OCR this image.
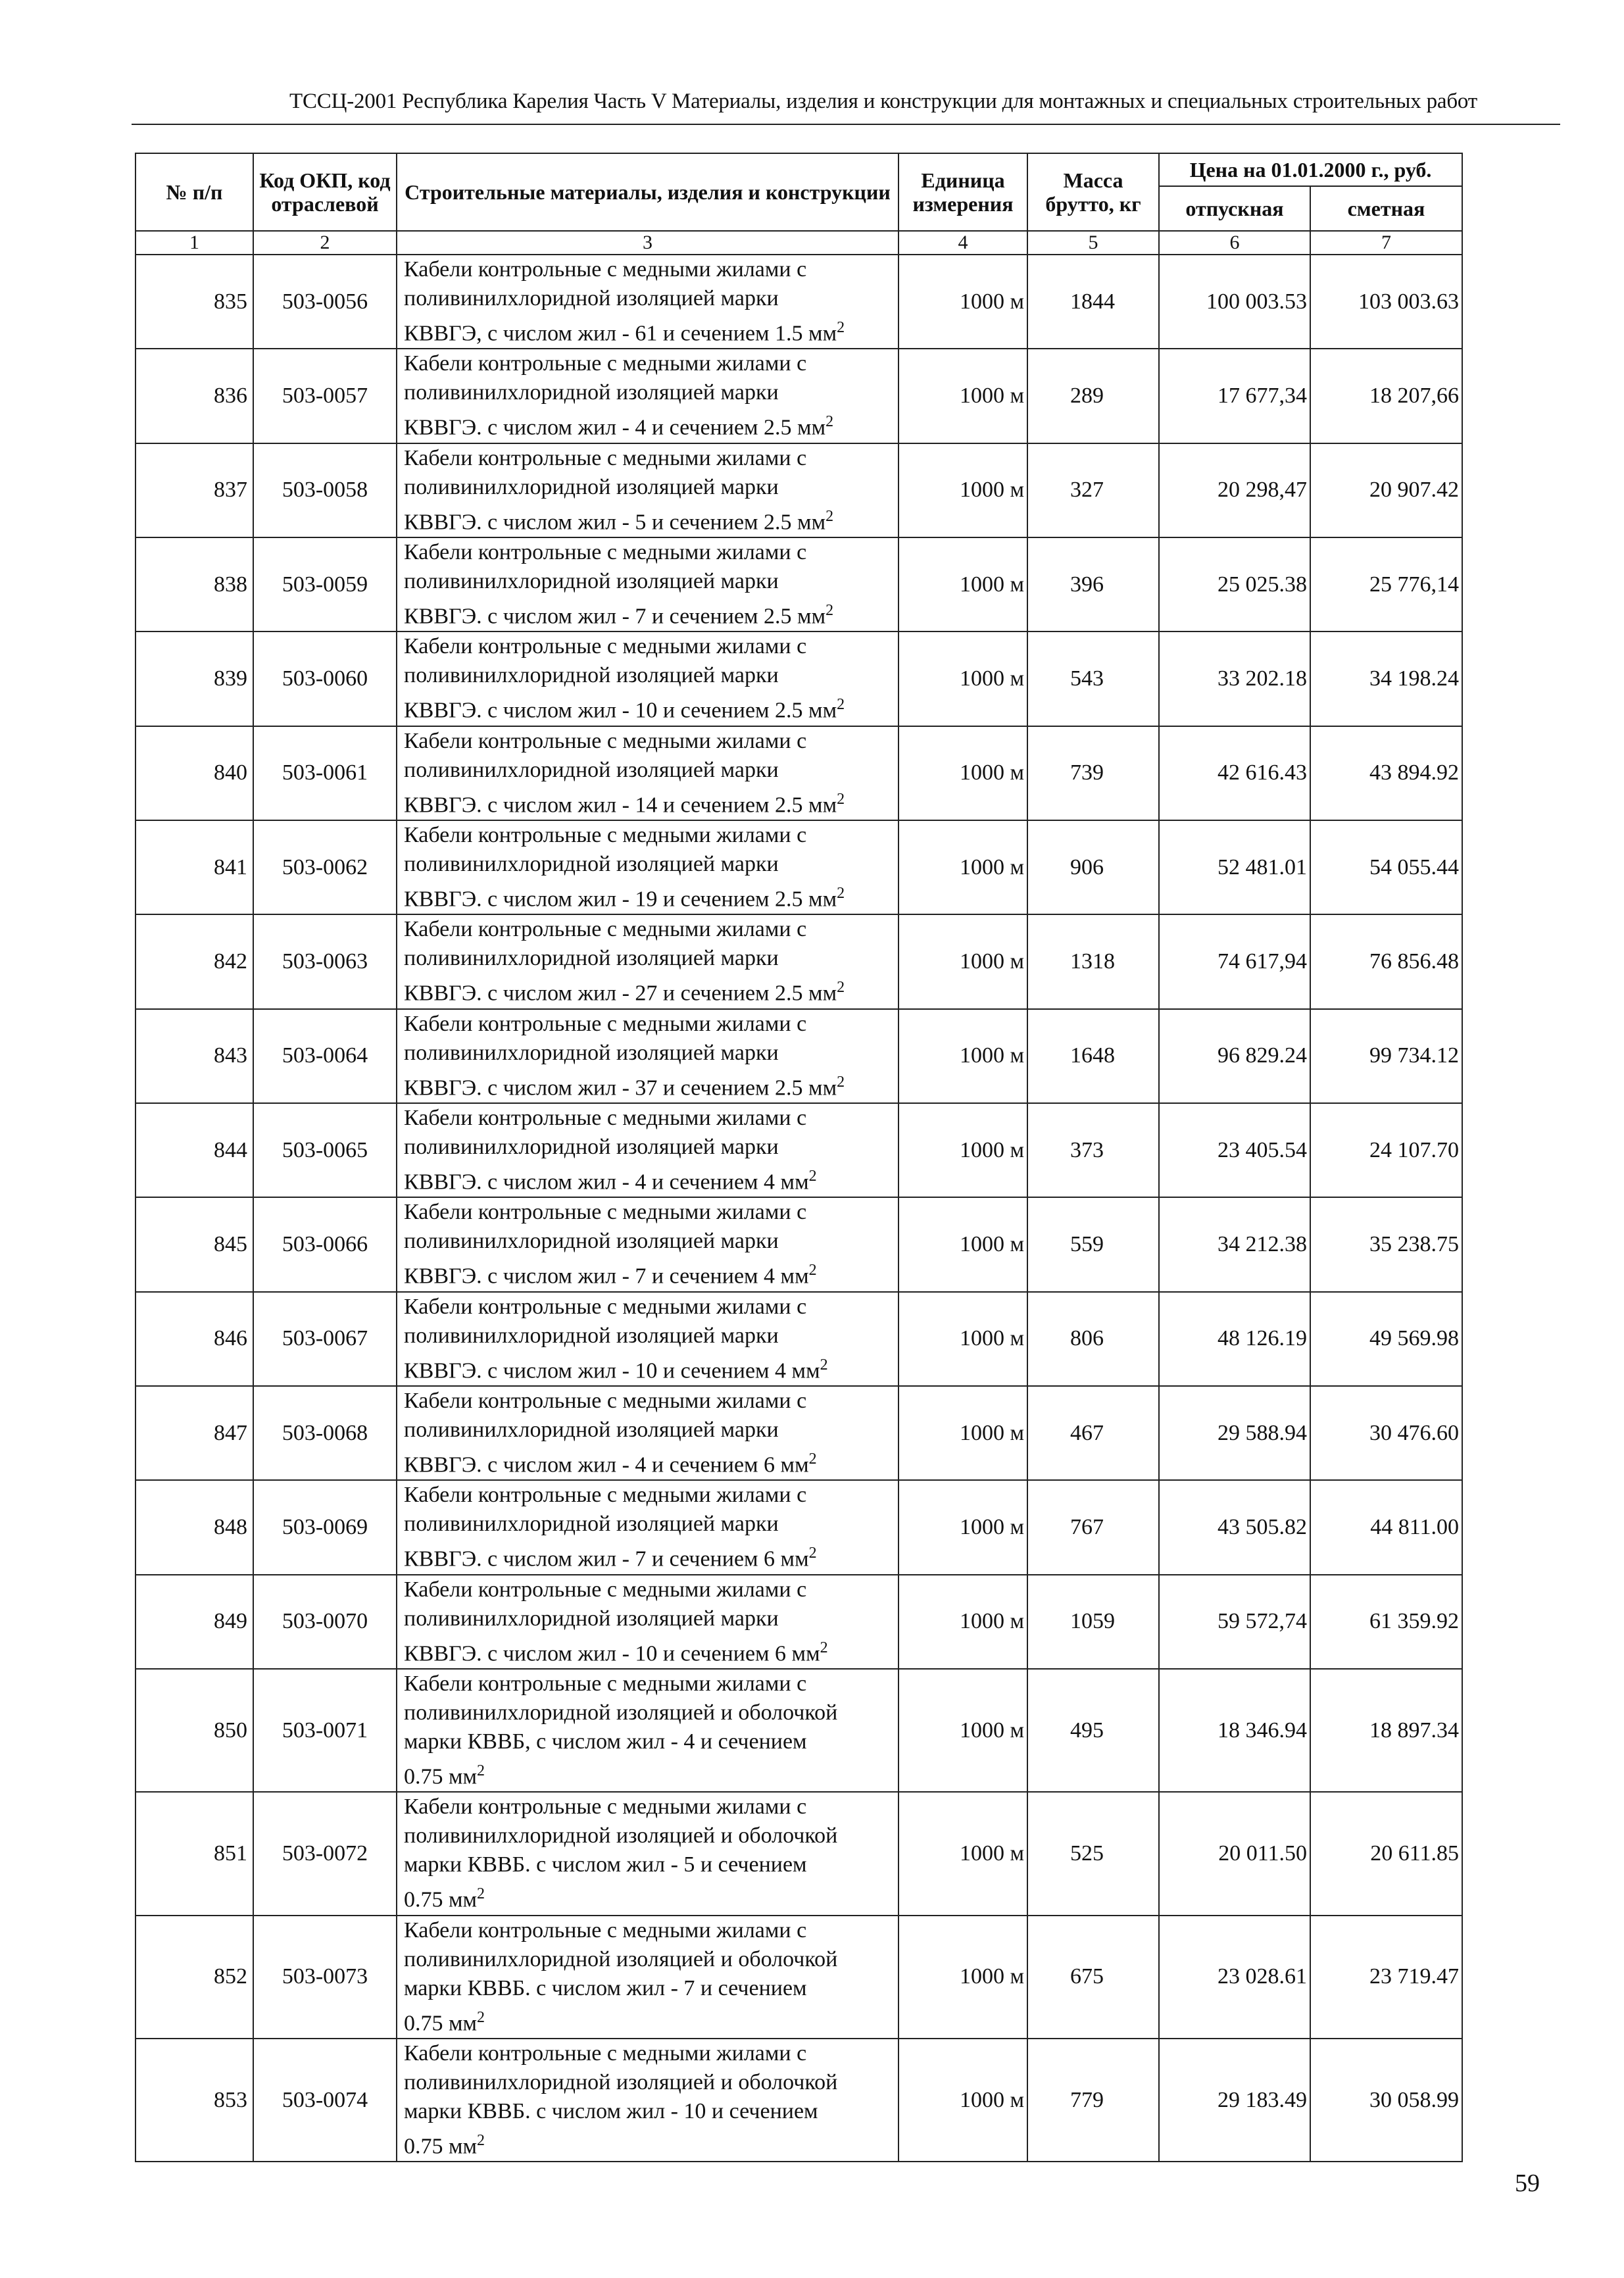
ТССЦ-2001 Республика Карелия Часть V Материалы, изделия и конструкции для монтажных и специальных строительных работ
№ п/п	Код ОКП, код отраслевой	Строительные материалы, изделия и конструкции	Единица измерения	Масса брутто, кг	Цена на 01.01.2000 г., руб.	
					отпускная	сметная
1	2	3	4	5	6	7
835	503-0056	Кабели контрольные с медными жилами с
поливинилхлоридной изоляцией марки
КВВГЭ, с числом жил - 61 и сечением 1.5 $мм^2$	1000 м	1844	100 003.53	103 003.63
836	503-0057	Кабели контрольные с медными жилами с
поливинилхлоридной изоляцией марки
КВВГЭ. с числом жил - 4 и сечением 2.5 $мм^2$	1000 м	289	17 677,34	18 207,66
837	503-0058	Кабели контрольные с медными жилами с
поливинилхлоридной изоляцией марки
КВВГЭ. с числом жил - 5 и сечением 2.5 $мм^2$	1000 м	327	20 298,47	20 907.42
838	503-0059	Кабели контрольные с медными жилами с
поливинилхлоридной изоляцией марки
КВВГЭ. с числом жил - 7 и сечением 2.5 $мм^2$	1000 м	396	25 025.38	25 776,14
839	503-0060	Кабели контрольные с медными жилами с
поливинилхлоридной изоляцией марки
КВВГЭ. с числом жил - 10 и сечением 2.5 $мм^2$	1000 м	543	33 202.18	34 198.24
840	503-0061	Кабели контрольные с медными жилами с
поливинилхлоридной изоляцией марки
КВВГЭ. с числом жил - 14 и сечением 2.5 $мм^2$	1000 м	739	42 616.43	43 894.92
841	503-0062	Кабели контрольные с медными жилами с
поливинилхлоридной изоляцией марки
КВВГЭ. с числом жил - 19 и сечением 2.5 $мм^2$	1000 м	906	52 481.01	54 055.44
842	503-0063	Кабели контрольные с медными жилами с
поливинилхлоридной изоляцией марки
КВВГЭ. с числом жил - 27 и сечением 2.5 $мм^2$	1000 м	1318	74 617,94	76 856.48
843	503-0064	Кабели контрольные с медными жилами с
поливинилхлоридной изоляцией марки
КВВГЭ. с числом жил - 37 и сечением 2.5 $мм^2$	1000 м	1648	96 829.24	99 734.12
844	503-0065	Кабели контрольные с медными жилами с
поливинилхлоридной изоляцией марки
КВВГЭ. с числом жил - 4 и сечением 4 $мм^2$	1000 м	373	23 405.54	24 107.70
845	503-0066	Кабели контрольные с медными жилами с
поливинилхлоридной изоляцией марки
КВВГЭ. с числом жил - 7 и сечением 4 $мм^2$	1000 м	559	34 212.38	35 238.75
846	503-0067	Кабели контрольные с медными жилами с
поливинилхлоридной изоляцией марки
КВВГЭ. с числом жил - 10 и сечением 4 $мм^2$	1000 м	806	48 126.19	49 569.98
847	503-0068	Кабели контрольные с медными жилами с
поливинилхлоридной изоляцией марки
КВВГЭ. с числом жил - 4 и сечением 6 $мм^2$	1000 м	467	29 588.94	30 476.60
848	503-0069	Кабели контрольные с медными жилами с
поливинилхлоридной изоляцией марки
КВВГЭ. с числом жил - 7 и сечением 6 $мм^2$	1000 м	767	43 505.82	44 811.00
849	503-0070	Кабели контрольные с медными жилами с
поливинилхлоридной изоляцией марки
КВВГЭ. с числом жил - 10 и сечением 6 $мм^2$	1000 м	1059	59 572,74	61 359.92
850	503-0071	Кабели контрольные с медными жилами с
поливинилхлоридной изоляцией и оболочкой
марки КВВБ, с числом жил - 4 и сечением
0.75 $мм^2$	1000 м	495	18 346.94	18 897.34
851	503-0072	Кабели контрольные с медными жилами с
поливинилхлоридной изоляцией и оболочкой
марки КВВБ. с числом жил - 5 и сечением
0.75 $мм^2$	1000 м	525	20 011.50	20 611.85
852	503-0073	Кабели контрольные с медными жилами с
поливинилхлоридной изоляцией и оболочкой
марки КВВБ. с числом жил - 7 и сечением
0.75 $мм^2$	1000 м	675	23 028.61	23 719.47
853	503-0074	Кабели контрольные с медными жилами с
поливинилхлоридной изоляцией и оболочкой
марки КВВБ. с числом жил - 10 и сечением
0.75 $мм^2$	1000 м	779	29 183.49	30 058.99
59
